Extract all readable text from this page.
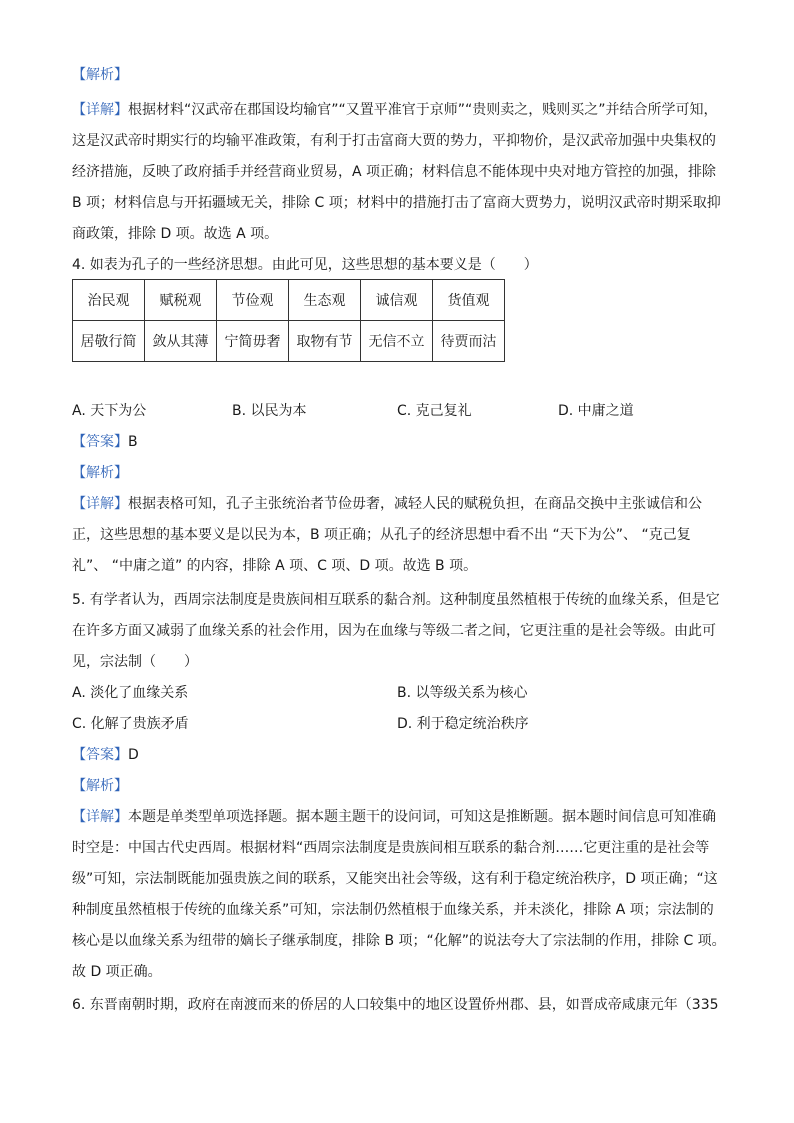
【解析】
【详解】根据材料“汉武帝在郡国设均输官”“又置平准官于京师”“贵则卖之，贱则买之”并结合所学可知，
这是汉武帝时期实行的均输平准政策，有利于打击富商大贾的势力，平抑物价，是汉武帝加强中央集权的
经济措施，反映了政府插手并经营商业贸易，A 项正确；材料信息不能体现中央对地方管控的加强，排除
B 项；材料信息与开拓疆域无关，排除 C 项；材料中的措施打击了富商大贾势力，说明汉武帝时期采取抑
商政策，排除 D 项。故选 A 项。
4. 如表为孔子的一些经济思想。由此可见，这些思想的基本要义是（　　）
治民观	赋税观	节俭观	生态观	诚信观	货值观
居敬行简	敛从其薄	宁简毋奢	取物有节	无信不立	待贾而沽
A. 天下为公	B. 以民为本	C. 克己复礼	D. 中庸之道
【答案】B
【解析】
【详解】根据表格可知，孔子主张统治者节俭毋奢，减轻人民的赋税负担，在商品交换中主张诚信和公
正，这些思想的基本要义是以民为本，B 项正确；从孔子的经济思想中看不出 “天下为公”、 “克己复
礼”、 “中庸之道” 的内容，排除 A 项、C 项、D 项。故选 B 项。
5. 有学者认为，西周宗法制度是贵族间相互联系的黏合剂。这种制度虽然植根于传统的血缘关系，但是它
在许多方面又减弱了血缘关系的社会作用，因为在血缘与等级二者之间，它更注重的是社会等级。由此可
见，宗法制（　　）
A. 淡化了血缘关系	B. 以等级关系为核心
C. 化解了贵族矛盾	D. 利于稳定统治秩序
【答案】D
【解析】
【详解】本题是单类型单项选择题。据本题主题干的设问词，可知这是推断题。据本题时间信息可知准确
时空是：中国古代史西周。根据材料“西周宗法制度是贵族间相互联系的黏合剂……它更注重的是社会等
级”可知，宗法制既能加强贵族之间的联系，又能突出社会等级，这有利于稳定统治秩序，D 项正确；“这
种制度虽然植根于传统的血缘关系”可知，宗法制仍然植根于血缘关系，并未淡化，排除 A 项；宗法制的
核心是以血缘关系为纽带的嫡长子继承制度，排除 B 项；“化解”的说法夸大了宗法制的作用，排除 C 项。
故 D 项正确。
6. 东晋南朝时期，政府在南渡而来的侨居的人口较集中的地区设置侨州郡、县，如晋成帝咸康元年（335
